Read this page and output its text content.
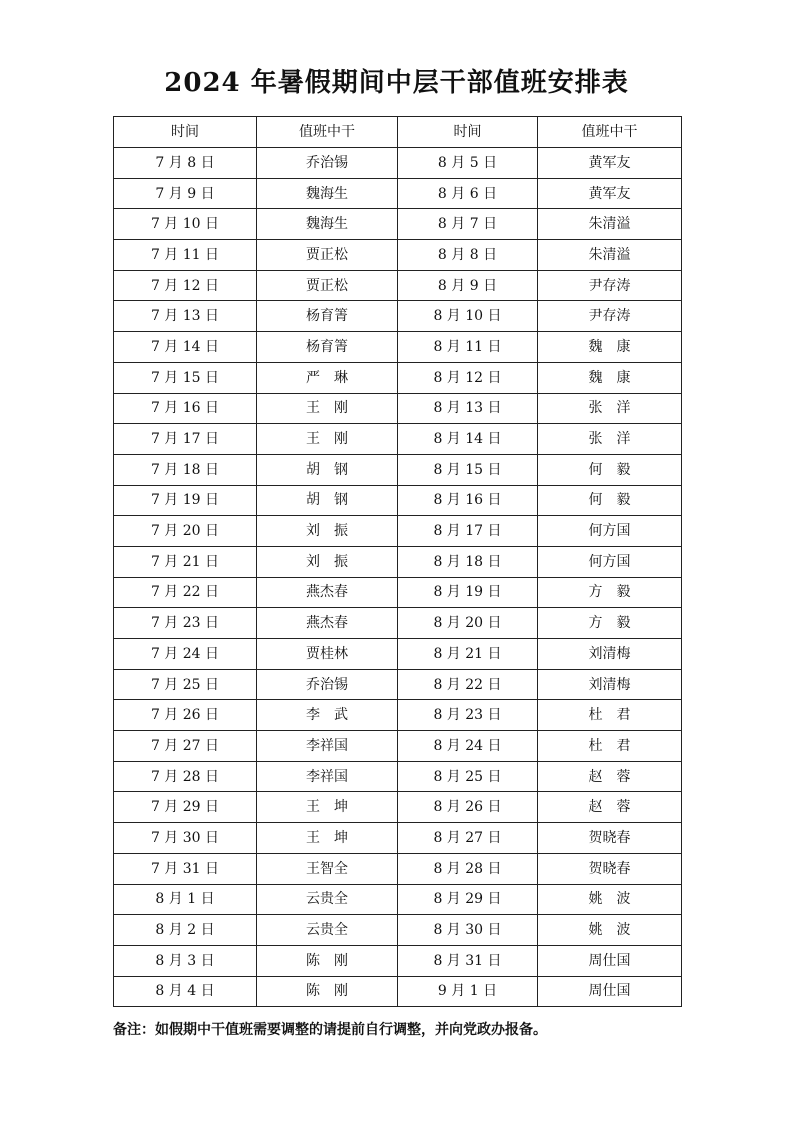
2024 年暑假期间中层干部值班安排表
时间	值班中干	时间	值班中干
7 月 8 日	乔治锡	8 月 5 日	黄军友
7 月 9 日	魏海生	8 月 6 日	黄军友
7 月 10 日	魏海生	8 月 7 日	朱清溢
7 月 11 日	贾正松	8 月 8 日	朱清溢
7 月 12 日	贾正松	8 月 9 日	尹存涛
7 月 13 日	杨育箐	8 月 10 日	尹存涛
7 月 14 日	杨育箐	8 月 11 日	魏　康
7 月 15 日	严　琳	8 月 12 日	魏　康
7 月 16 日	王　刚	8 月 13 日	张　洋
7 月 17 日	王　刚	8 月 14 日	张　洋
7 月 18 日	胡　钢	8 月 15 日	何　毅
7 月 19 日	胡　钢	8 月 16 日	何　毅
7 月 20 日	刘　振	8 月 17 日	何方国
7 月 21 日	刘　振	8 月 18 日	何方国
7 月 22 日	燕杰春	8 月 19 日	方　毅
7 月 23 日	燕杰春	8 月 20 日	方　毅
7 月 24 日	贾桂林	8 月 21 日	刘清梅
7 月 25 日	乔治锡	8 月 22 日	刘清梅
7 月 26 日	李　武	8 月 23 日	杜　君
7 月 27 日	李祥国	8 月 24 日	杜　君
7 月 28 日	李祥国	8 月 25 日	赵　蓉
7 月 29 日	王　坤	8 月 26 日	赵　蓉
7 月 30 日	王　坤	8 月 27 日	贺晓春
7 月 31 日	王智全	8 月 28 日	贺晓春
8 月 1 日	云贵全	8 月 29 日	姚　波
8 月 2 日	云贵全	8 月 30 日	姚　波
8 月 3 日	陈　刚	8 月 31 日	周仕国
8 月 4 日	陈　刚	9 月 1 日	周仕国
备注：如假期中干值班需要调整的请提前自行调整，并向党政办报备。
